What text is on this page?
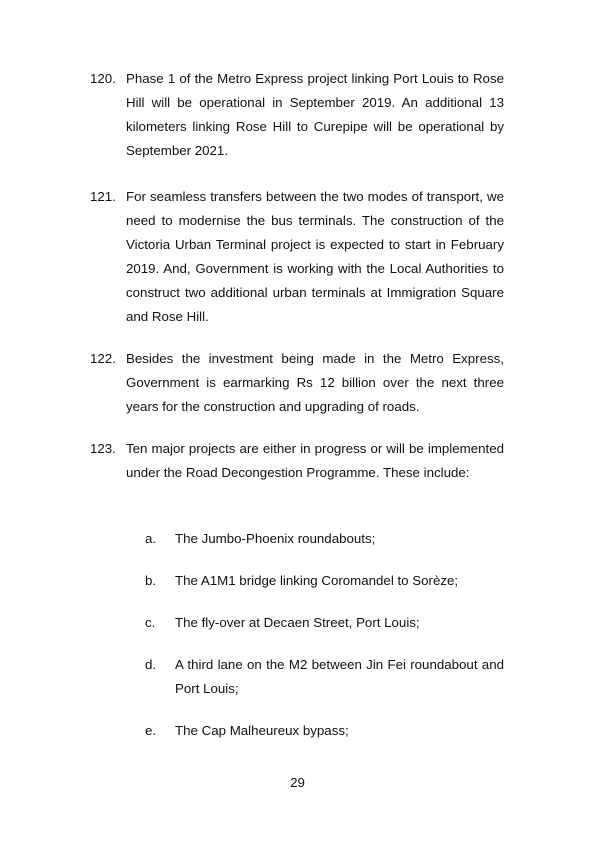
120. Phase 1 of the Metro Express project linking Port Louis to Rose Hill will be operational in September 2019. An additional 13 kilometers linking Rose Hill to Curepipe will be operational by September 2021.
121. For seamless transfers between the two modes of transport, we need to modernise the bus terminals. The construction of the Victoria Urban Terminal project is expected to start in February 2019. And, Government is working with the Local Authorities to construct two additional urban terminals at Immigration Square and Rose Hill.
122. Besides the investment being made in the Metro Express, Government is earmarking Rs 12 billion over the next three years for the construction and upgrading of roads.
123. Ten major projects are either in progress or will be implemented under the Road Decongestion Programme. These include:
a.	The Jumbo-Phoenix roundabouts;
b.	The A1M1 bridge linking Coromandel to Sorèze;
c.	The fly-over at Decaen Street, Port Louis;
d.	A third lane on the M2 between Jin Fei roundabout and Port Louis;
e.	The Cap Malheureux bypass;
29
